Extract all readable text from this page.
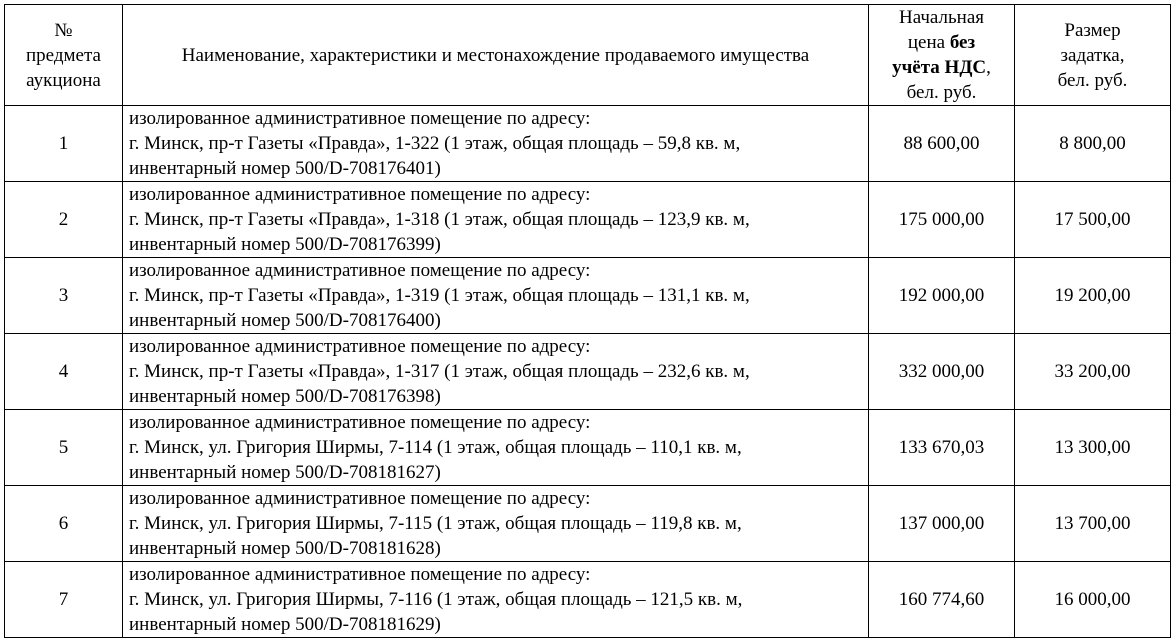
№
предмета
аукциона	Наименование, характеристики и местонахождение продаваемого имущества	Начальная
цена без
учёта НДС,
бел. руб.	Размер
задатка,
бел. руб.

1	изолированное административное помещение по адресу:
г. Минск, пр-т Газеты «Правда», 1-322 (1 этаж, общая площадь – 59,8 кв. м,
инвентарный номер 500/D-708176401)	88 600,00	8 800,00
2	изолированное административное помещение по адресу:
г. Минск, пр-т Газеты «Правда», 1-318 (1 этаж, общая площадь – 123,9 кв. м,
инвентарный номер 500/D-708176399)	175 000,00	17 500,00
3	изолированное административное помещение по адресу:
г. Минск, пр-т Газеты «Правда», 1-319 (1 этаж, общая площадь – 131,1 кв. м,
инвентарный номер 500/D-708176400)	192 000,00	19 200,00
4	изолированное административное помещение по адресу:
г. Минск, пр-т Газеты «Правда», 1-317 (1 этаж, общая площадь – 232,6 кв. м,
инвентарный номер 500/D-708176398)	332 000,00	33 200,00
5	изолированное административное помещение по адресу:
г. Минск, ул. Григория Ширмы, 7-114 (1 этаж, общая площадь – 110,1 кв. м,
инвентарный номер 500/D-708181627)	133 670,03	13 300,00
6	изолированное административное помещение по адресу:
г. Минск, ул. Григория Ширмы, 7-115 (1 этаж, общая площадь – 119,8 кв. м,
инвентарный номер 500/D-708181628)	137 000,00	13 700,00
7	изолированное административное помещение по адресу:
г. Минск, ул. Григория Ширмы, 7-116 (1 этаж, общая площадь – 121,5 кв. м,
инвентарный номер 500/D-708181629)	160 774,60	16 000,00
